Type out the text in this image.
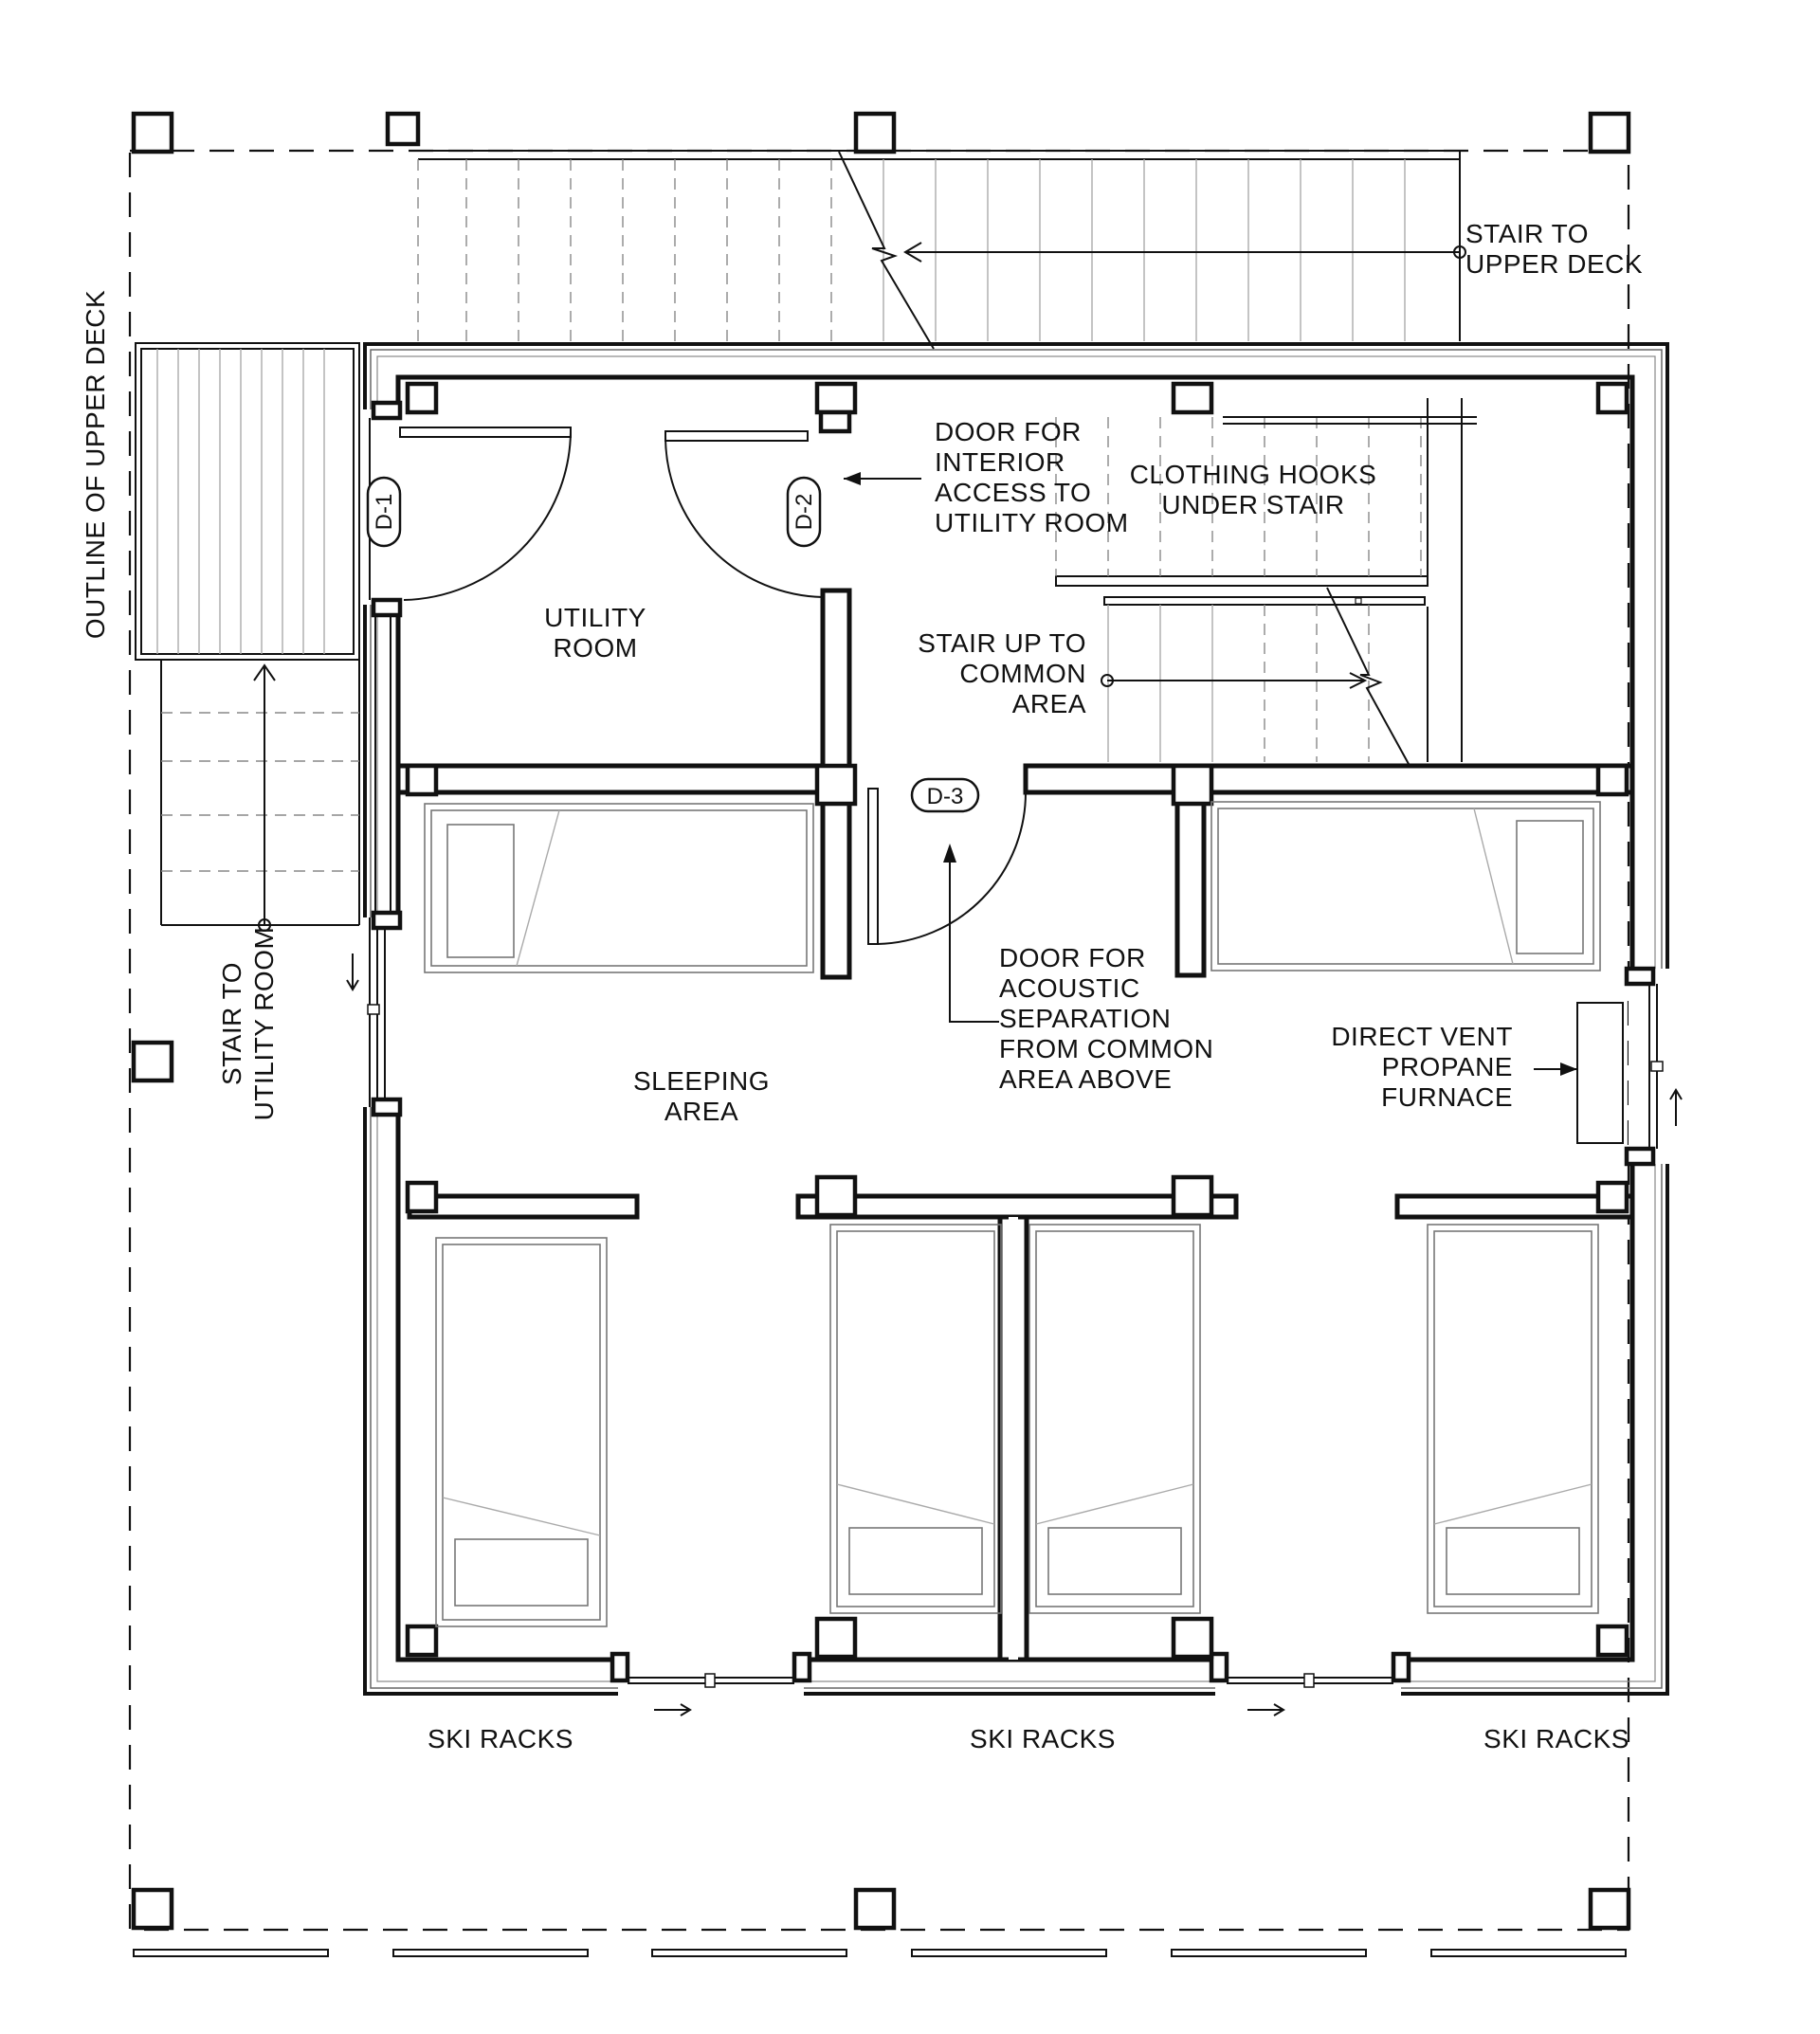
D-1	D-2
D-3
OUTLINE OF UPPER DECK
STAIR TO
UPPER DECK
DOOR FOR
INTERIOR
ACCESS TO
UTILITY ROOM
CLOTHING HOOKS
UNDER STAIR
UTILITY
ROOM	STAIR UP TO
COMMON
AREA
STAIR TO UTILITY ROOM	DOOR FOR
ACOUSTIC
SEPARATION
FROM COMMON
AREA ABOVE
SLEEPING
AREA
DIRECT VENT
PROPANE
FURNACE
SKI RACKS	SKI RACKS	SKI RACKS
